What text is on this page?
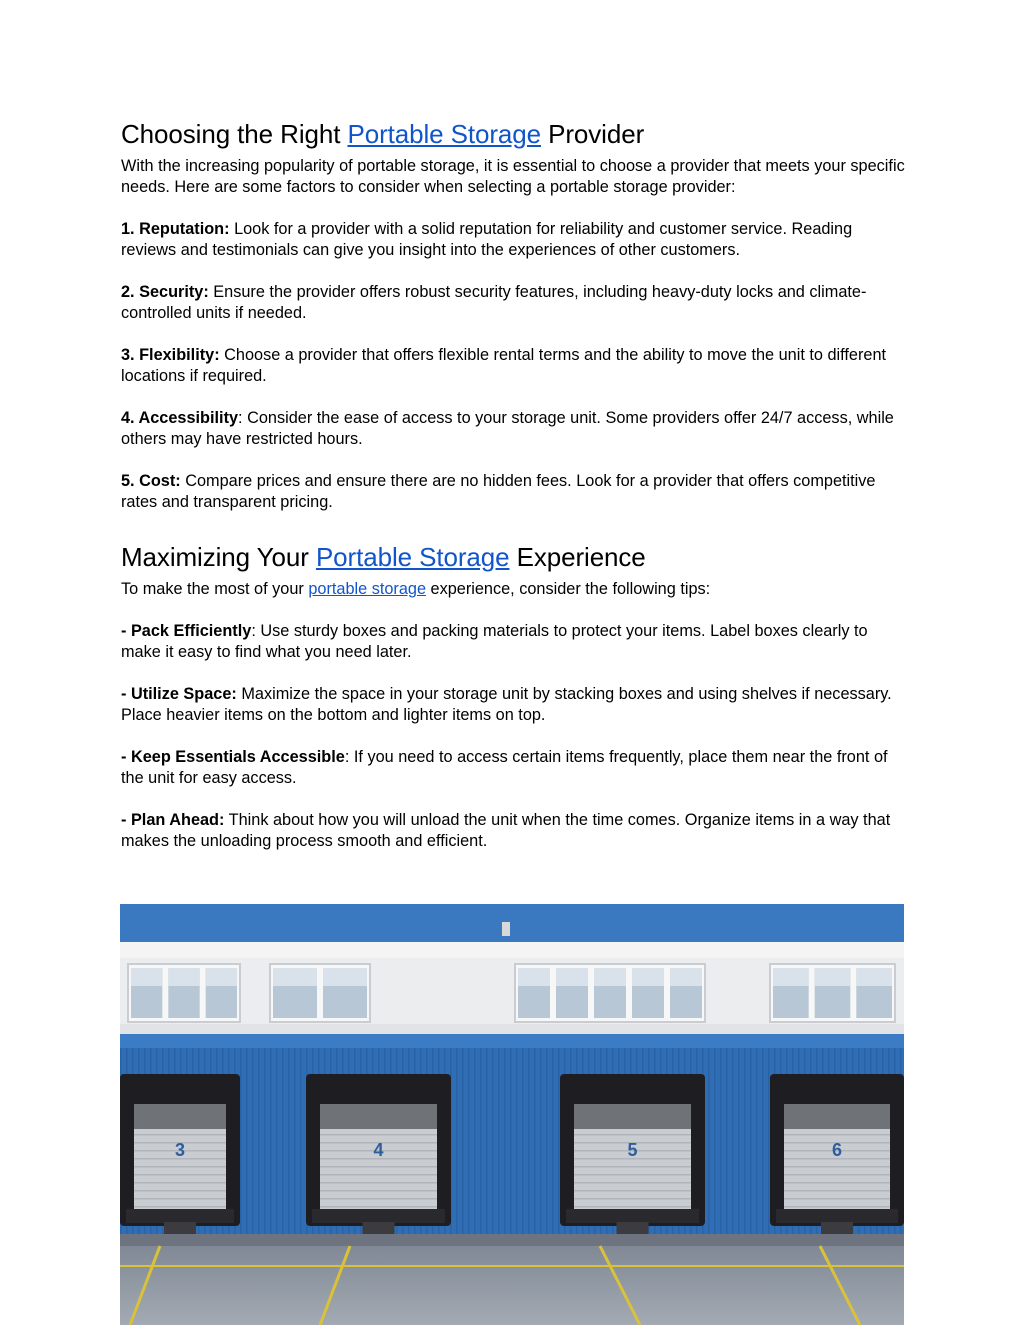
Choosing the Right Portable Storage Provider

With the increasing popularity of portable storage, it is essential to choose a provider that meets your specific needs. Here are some factors to consider when selecting a portable storage provider:

1. Reputation: Look for a provider with a solid reputation for reliability and customer service. Reading reviews and testimonials can give you insight into the experiences of other customers.

2. Security: Ensure the provider offers robust security features, including heavy-duty locks and climate-controlled units if needed.

3. Flexibility: Choose a provider that offers flexible rental terms and the ability to move the unit to different locations if required.

4. Accessibility: Consider the ease of access to your storage unit. Some providers offer 24/7 access, while others may have restricted hours.

5. Cost: Compare prices and ensure there are no hidden fees. Look for a provider that offers competitive rates and transparent pricing.

Maximizing Your Portable Storage Experience

To make the most of your portable storage experience, consider the following tips:

- Pack Efficiently: Use sturdy boxes and packing materials to protect your items. Label boxes clearly to make it easy to find what you need later.

- Utilize Space: Maximize the space in your storage unit by stacking boxes and using shelves if necessary. Place heavier items on the bottom and lighter items on top.

- Keep Essentials Accessible: If you need to access certain items frequently, place them near the front of the unit for easy access.

- Plan Ahead: Think about how you will unload the unit when the time comes. Organize items in a way that makes the unloading process smooth and efficient.

3	4	5	6
